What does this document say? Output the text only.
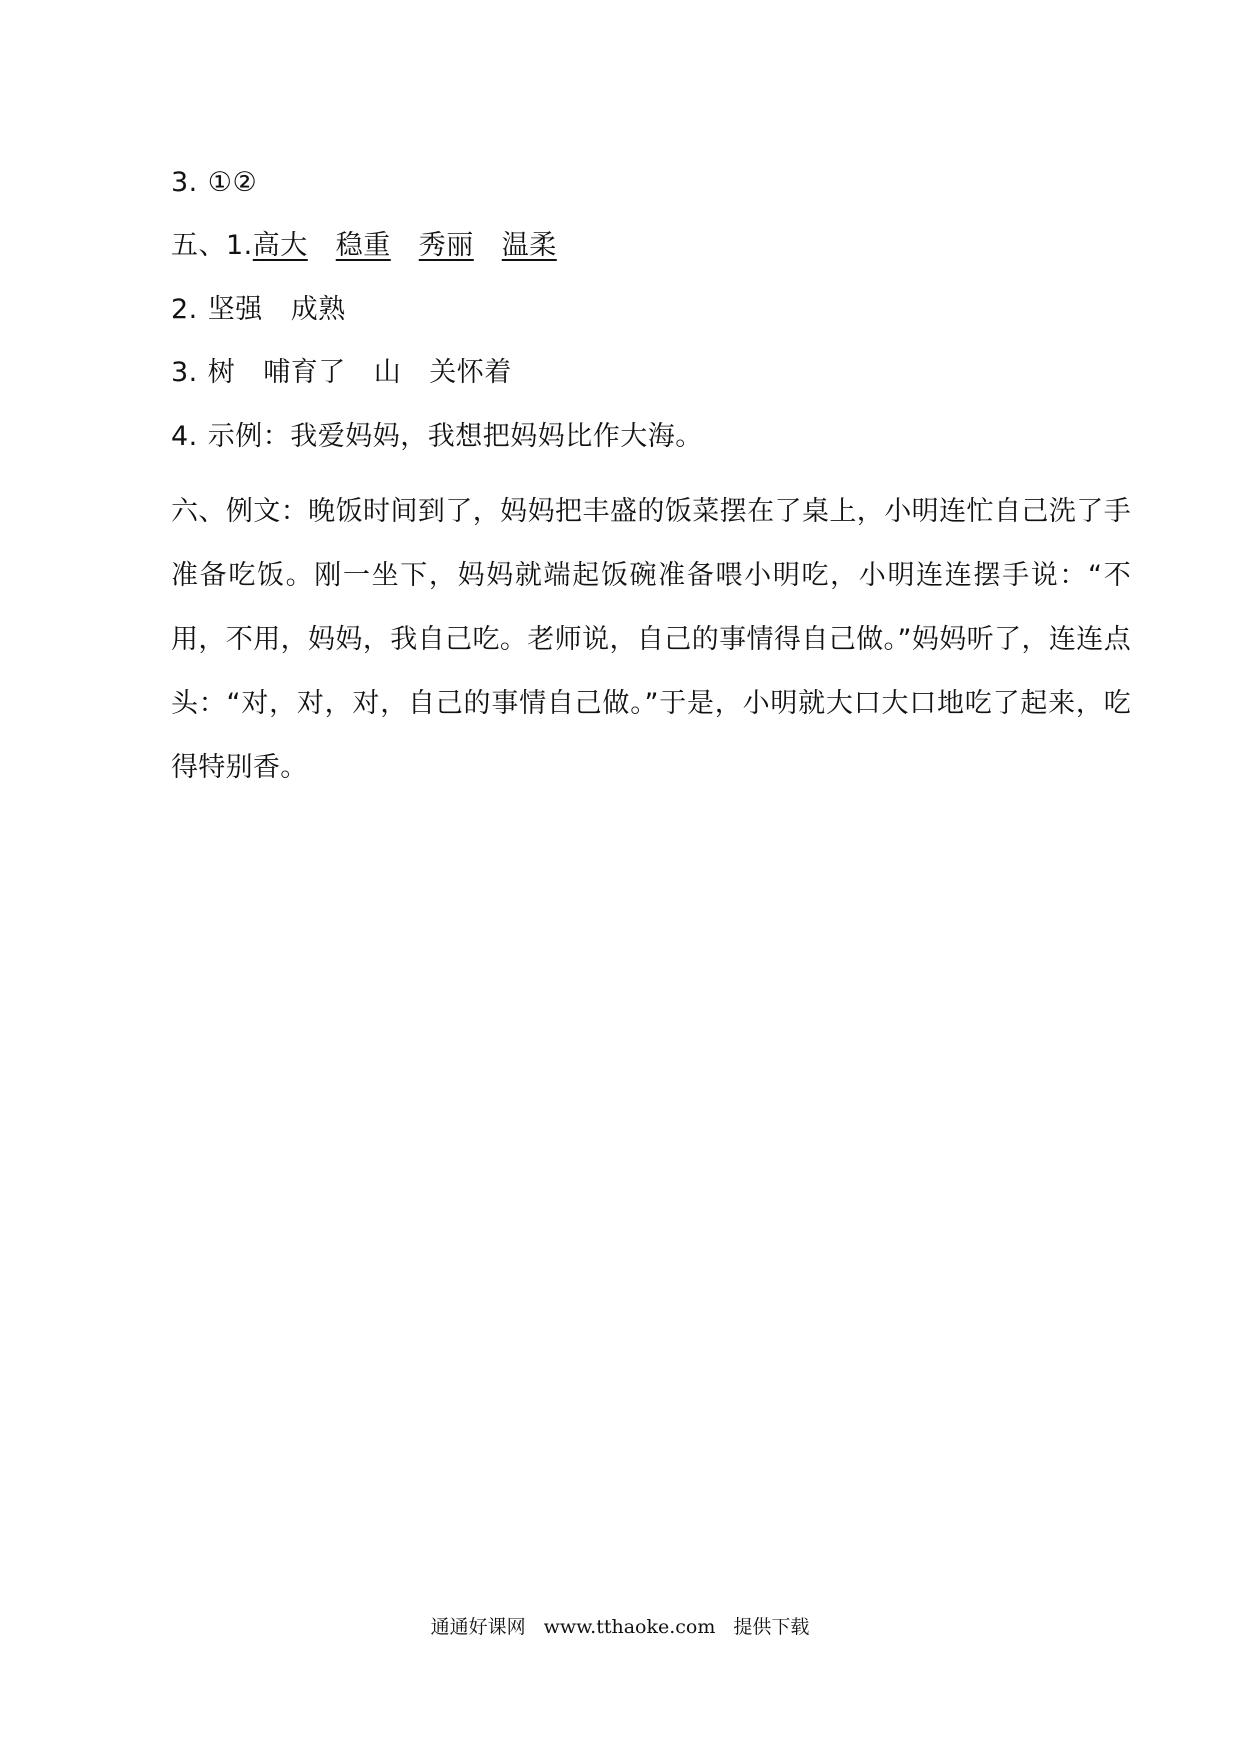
3. ①②
五、1.高大 稳重 秀丽 温柔
2. 坚强 成熟
3. 树 哺育了 山 关怀着
4. 示例：我爱妈妈，我想把妈妈比作大海。
六、例文：晚饭时间到了，妈妈把丰盛的饭菜摆在了桌上，小明连忙自己洗了手准备吃饭。刚一坐下，妈妈就端起饭碗准备喂小明吃，小明连连摆手说：“不用，不用，妈妈，我自己吃。老师说，自己的事情得自己做。”妈妈听了，连连点头：“对，对，对，自己的事情自己做。”于是，小明就大口大口地吃了起来，吃得特别香。
通通好课网 www.tthaoke.com 提供下载
